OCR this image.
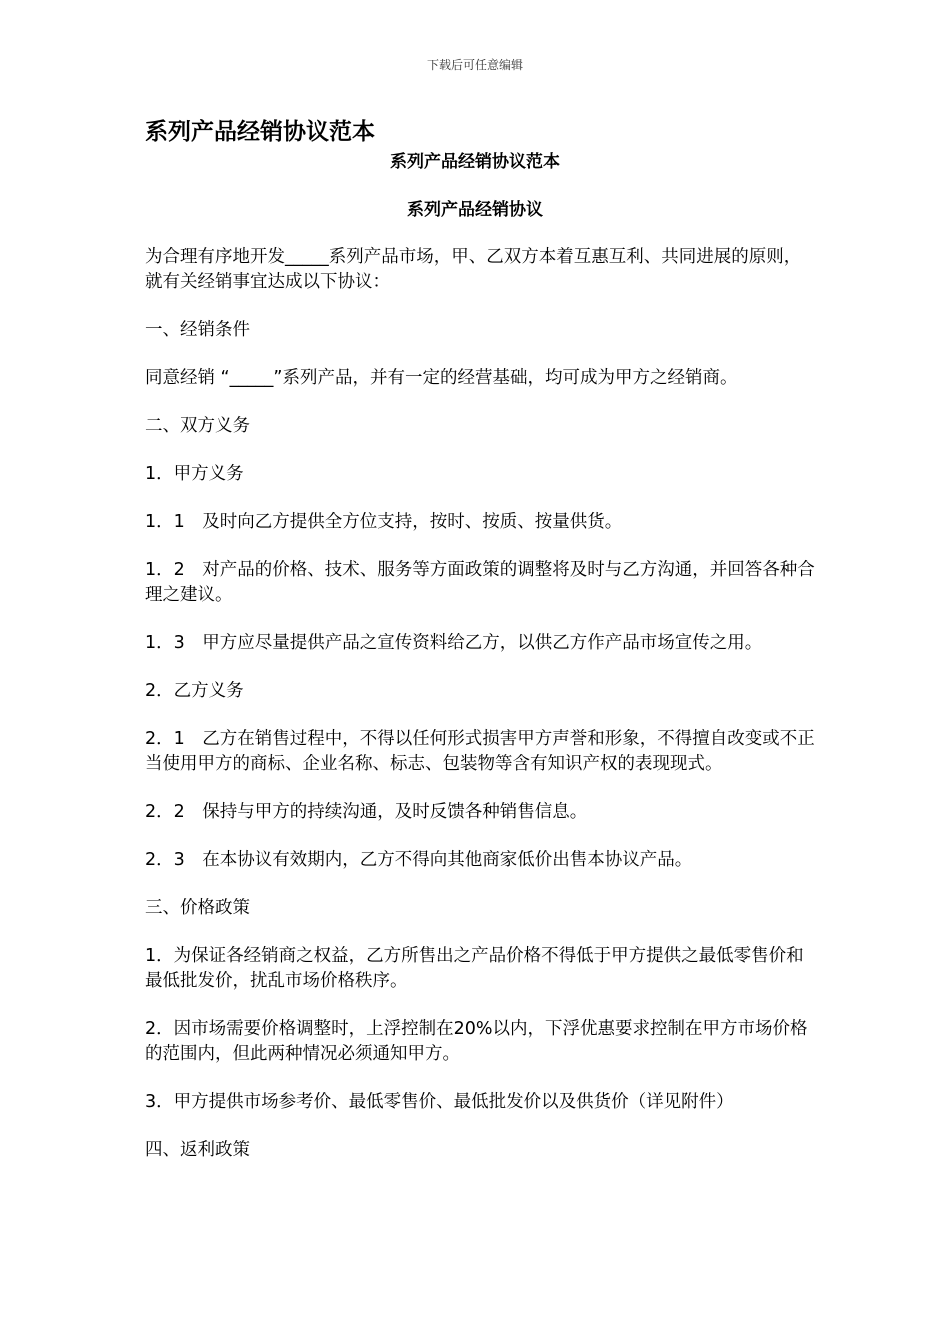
下载后可任意编辑
系列产品经销协议范本
系列产品经销协议范本
系列产品经销协议

为合理有序地开发_____系列产品市场，甲、乙双方本着互惠互利、共同进展的原则，就有关经销事宜达成以下协议：

一、经销条件

同意经销 “_____”系列产品，并有一定的经营基础，均可成为甲方之经销商。

二、双方义务

1．甲方义务

1．1　及时向乙方提供全方位支持，按时、按质、按量供货。

1．2　对产品的价格、技术、服务等方面政策的调整将及时与乙方沟通，并回答各种合理之建议。

1．3　甲方应尽量提供产品之宣传资料给乙方，以供乙方作产品市场宣传之用。

2．乙方义务

2．1　乙方在销售过程中，不得以任何形式损害甲方声誉和形象，不得擅自改变或不正当使用甲方的商标、企业名称、标志、包装物等含有知识产权的表现现式。

2．2　保持与甲方的持续沟通，及时反馈各种销售信息。

2．3　在本协议有效期内，乙方不得向其他商家低价出售本协议产品。

三、价格政策

1．为保证各经销商之权益，乙方所售出之产品价格不得低于甲方提供之最低零售价和最低批发价，扰乱市场价格秩序。

2．因市场需要价格调整时，上浮控制在20%以内，下浮优惠要求控制在甲方市场价格的范围内，但此两种情况必须通知甲方。

3．甲方提供市场参考价、最低零售价、最低批发价以及供货价（详见附件）

四、返利政策
